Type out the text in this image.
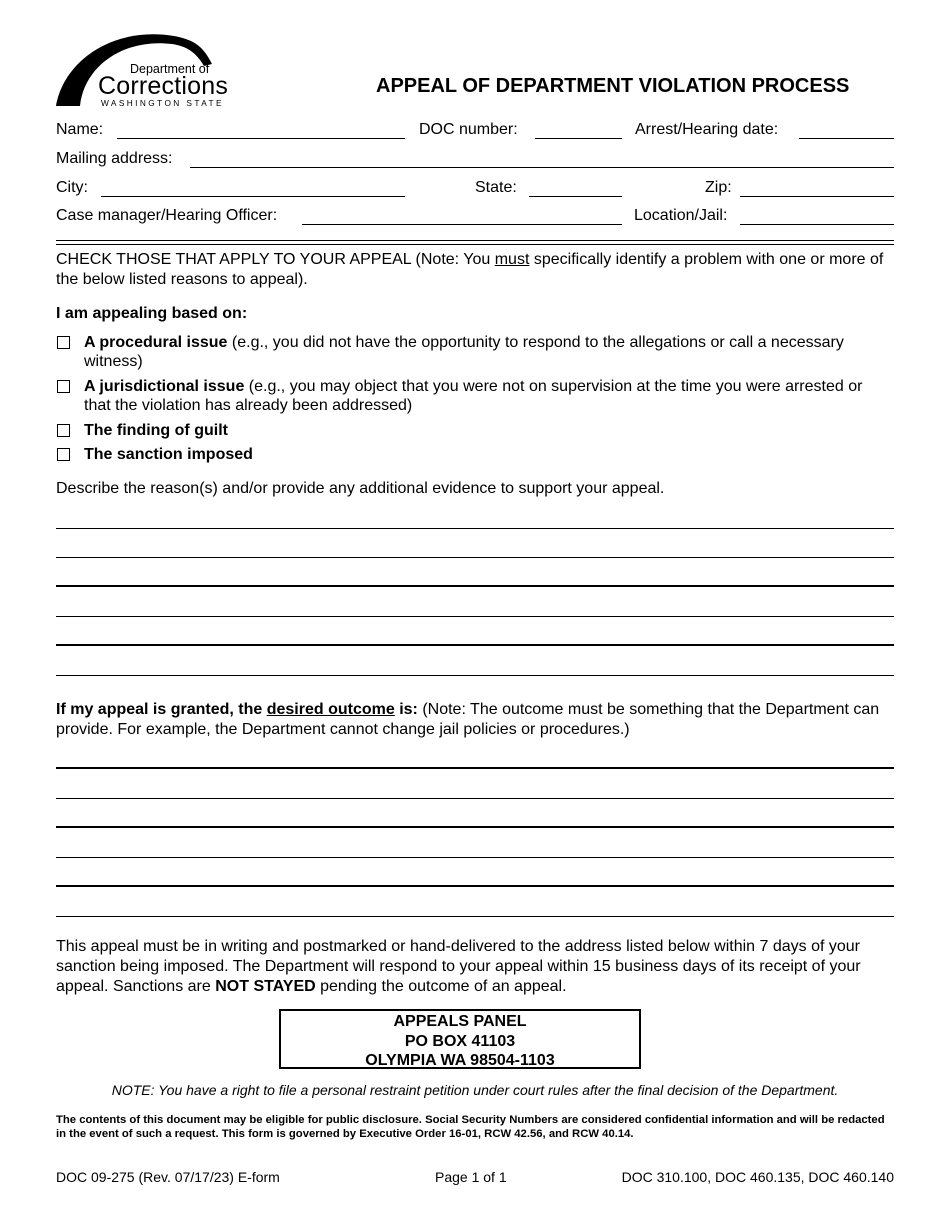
Department of
Corrections
WASHINGTON STATE
APPEAL OF DEPARTMENT VIOLATION PROCESS
Name:	DOC number:	Arrest/Hearing date:
Mailing address:
City:	State:	Zip:
Case manager/Hearing Officer:	Location/Jail:
CHECK THOSE THAT APPLY TO YOUR APPEAL (Note: You must specifically identify a problem with one or more of the below listed reasons to appeal).
I am appealing based on:
A procedural issue (e.g., you did not have the opportunity to respond to the allegations or call a necessary witness)
A jurisdictional issue (e.g., you may object that you were not on supervision at the time you were arrested or that the violation has already been addressed)
The finding of guilt
The sanction imposed
Describe the reason(s) and/or provide any additional evidence to support your appeal.
If my appeal is granted, the desired outcome is: (Note: The outcome must be something that the Department can provide. For example, the Department cannot change jail policies or procedures.)
This appeal must be in writing and postmarked or hand-delivered to the address listed below within 7 days of your sanction being imposed. The Department will respond to your appeal within 15 business days of its receipt of your appeal. Sanctions are NOT STAYED pending the outcome of an appeal.
APPEALS PANEL
PO BOX 41103
OLYMPIA WA 98504-1103
NOTE: You have a right to file a personal restraint petition under court rules after the final decision of the Department.
The contents of this document may be eligible for public disclosure. Social Security Numbers are considered confidential information and will be redacted in the event of such a request. This form is governed by Executive Order 16-01, RCW 42.56, and RCW 40.14.
DOC 09-275 (Rev. 07/17/23) E-form	Page 1 of 1	DOC 310.100, DOC 460.135, DOC 460.140
